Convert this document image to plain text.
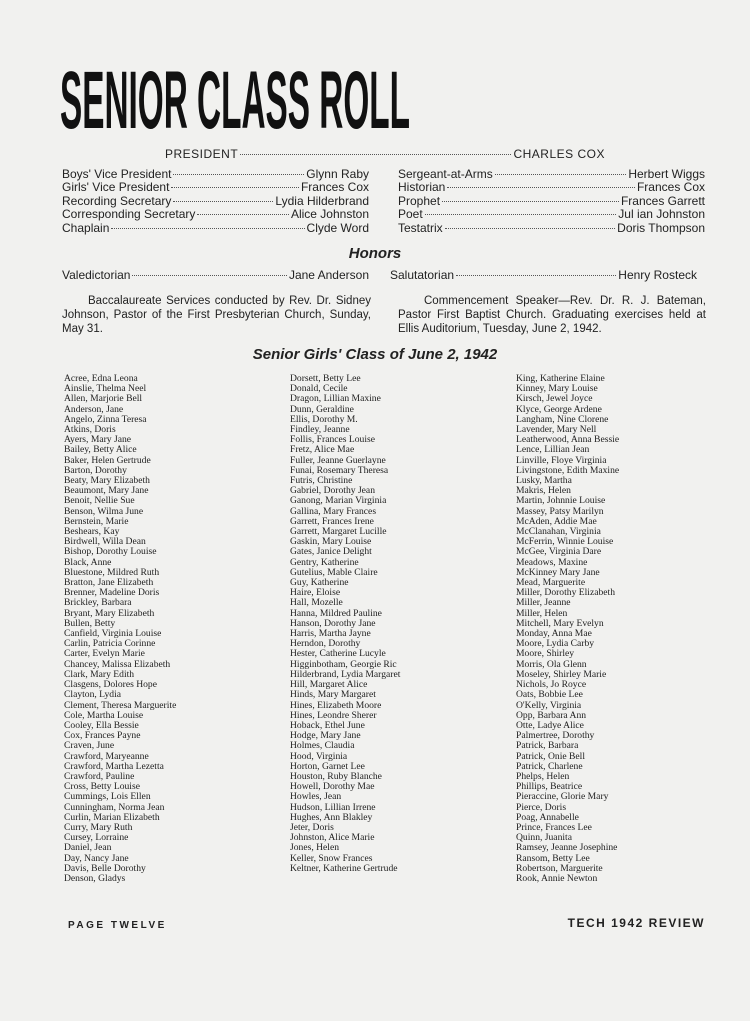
SENIOR CLASS ROLL
PRESIDENT	CHARLES COX
Boys' Vice President	Glynn Raby
Girls' Vice President	Frances Cox
Recording Secretary	Lydia Hilderbrand
Corresponding Secretary	Alice Johnston
Chaplain	Clyde Word
Sergeant-at-Arms	Herbert Wiggs
Historian	Frances Cox
Prophet	Frances Garrett
Poet	Jul ian Johnston
Testatrix	Doris Thompson
Honors
Valedictorian	Jane Anderson Salutatorian	Henry Rosteck
Baccalaureate Services conducted by Rev. Dr. Sidney Johnson, Pastor of the First Presbyterian Church, Sunday, May 31.
Commencement Speaker—Rev. Dr. R. J. Bateman, Pastor First Baptist Church. Graduating exercises held at Ellis Auditorium, Tuesday, June 2, 1942.
Senior Girls' Class of June 2, 1942
Acree, Edna Leona
Ainslie, Thelma Neel
Allen, Marjorie Bell
Anderson, Jane
Angelo, Zinna Teresa
Atkins, Doris
Ayers, Mary Jane
Bailey, Betty Alice
Baker, Helen Gertrude
Barton, Dorothy
Beaty, Mary Elizabeth
Beaumont, Mary Jane
Benoit, Nellie Sue
Benson, Wilma June
Bernstein, Marie
Beshears, Kay
Birdwell, Willa Dean
Bishop, Dorothy Louise
Black, Anne
Bluestone, Mildred Ruth
Bratton, Jane Elizabeth
Brenner, Madeline Doris
Brickley, Barbara
Bryant, Mary Elizabeth
Bullen, Betty
Canfield, Virginia Louise
Carlin, Patricia Corinne
Carter, Evelyn Marie
Chancey, Malissa Elizabeth
Clark, Mary Edith
Clasgens, Dolores Hope
Clayton, Lydia
Clement, Theresa Marguerite
Cole, Martha Louise
Cooley, Ella Bessie
Cox, Frances Payne
Craven, June
Crawford, Maryeanne
Crawford, Martha Lezetta
Crawford, Pauline
Cross, Betty Louise
Cummings, Lois Ellen
Cunningham, Norma Jean
Curlin, Marian Elizabeth
Curry, Mary Ruth
Cursey, Lorraine
Daniel, Jean
Day, Nancy Jane
Davis, Belle Dorothy
Denson, Gladys
Dorsett, Betty Lee
Donald, Cecile
Dragon, Lillian Maxine
Dunn, Geraldine
Ellis, Dorothy M.
Findley, Jeanne
Follis, Frances Louise
Fretz, Alice Mae
Fuller, Jeanne Guerlayne
Funai, Rosemary Theresa
Futris, Christine
Gabriel, Dorothy Jean
Ganong, Marian Virginia
Gallina, Mary Frances
Garrett, Frances Irene
Garrett, Margaret Lucille
Gaskin, Mary Louise
Gates, Janice Delight
Gentry, Katherine
Gutelius, Mable Claire
Guy, Katherine
Haire, Eloise
Hall, Mozelle
Hanna, Mildred Pauline
Hanson, Dorothy Jane
Harris, Martha Jayne
Herndon, Dorothy
Hester, Catherine Lucyle
Higginbotham, Georgie Ric
Hilderbrand, Lydia Margaret
Hill, Margaret Alice
Hinds, Mary Margaret
Hines, Elizabeth Moore
Hines, Leondre Sherer
Hoback, Ethel June
Hodge, Mary Jane
Holmes, Claudia
Hood, Virginia
Horton, Garnet Lee
Houston, Ruby Blanche
Howell, Dorothy Mae
Howles, Jean
Hudson, Lillian Irrene
Hughes, Ann Blakley
Jeter, Doris
Johnston, Alice Marie
Jones, Helen
Keller, Snow Frances
Keltner, Katherine Gertrude
King, Katherine Elaine
Kinney, Mary Louise
Kirsch, Jewel Joyce
Klyce, George Ardene
Langham, Nine Clorene
Lavender, Mary Nell
Leatherwood, Anna Bessie
Lence, Lillian Jean
Linville, Floye Virginia
Livingstone, Edith Maxine
Lusky, Martha
Makris, Helen
Martin, Johnnie Louise
Massey, Patsy Marilyn
McAden, Addie Mae
McClanahan, Virginia
McFerrin, Winnie Louise
McGee, Virginia Dare
Meadows, Maxine
McKinney Mary Jane
Mead, Marguerite
Miller, Dorothy Elizabeth
Miller, Jeanne
Miller, Helen
Mitchell, Mary Evelyn
Monday, Anna Mae
Moore, Lydia Carby
Moore, Shirley
Morris, Ola Glenn
Moseley, Shirley Marie
Nichols, Jo Royce
Oats, Bobbie Lee
O'Kelly, Virginia
Opp, Barbara Ann
Otte, Ladye Alice
Palmertree, Dorothy
Patrick, Barbara
Patrick, Onie Bell
Patrick, Charlene
Phelps, Helen
Phillips, Beatrice
Pieraccine, Glorie Mary
Pierce, Doris
Poag, Annabelle
Prince, Frances Lee
Quinn, Juanita
Ramsey, Jeanne Josephine
Ransom, Betty Lee
Robertson, Marguerite
Rook, Annie Newton
PAGE TWELVE	TECH 1942 REVIEW
